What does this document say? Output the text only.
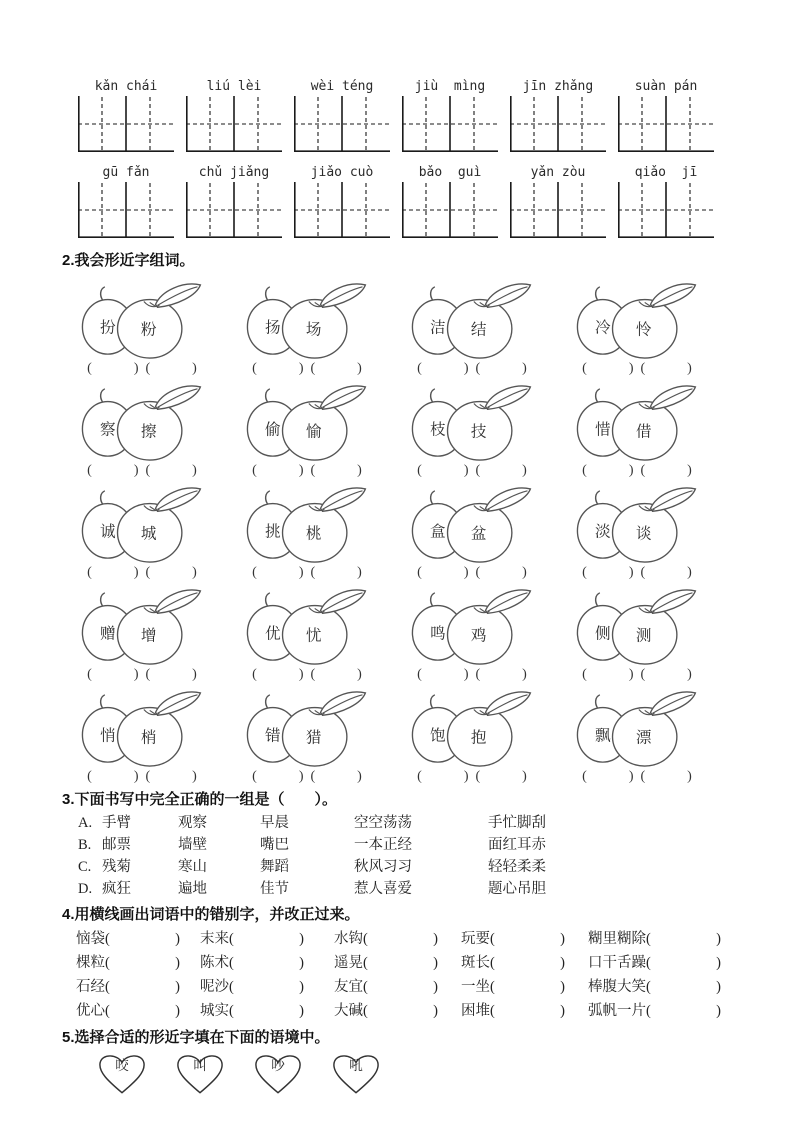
kǎn chái	liú lèi	wèi téng	jiù  mìng	jīn zhǎng	suàn pán
gū fǎn	chǔ jiǎng	jiǎo cuò	bǎo  guì	yǎn zòu	qiǎo  jī
2.我会形近字组词。
扮 粉
(            )  (            )
扬 场
(            )  (            )
洁 结
(            )  (            )
冷 怜
(            )  (            )
察 擦
(            )  (            )
偷 愉
(            )  (            )
枝 技
(            )  (            )
惜 借
(            )  (            )
诚 城
(            )  (            )
挑 桃
(            )  (            )
盒 盆
(            )  (            )
淡 谈
(            )  (            )
赠 增
(            )  (            )
优 忧
(            )  (            )
鸣 鸡
(            )  (            )
侧 测
(            )  (            )
悄 梢
(            )  (            )
错 猎
(            )  (            )
饱 抱
(            )  (            )
飘 漂
(            )  (            )
3.下面书写中完全正确的一组是（　　）。
A. 手臂	观察	早晨	空空荡荡	手忙脚刮
B. 邮票	墙壁	嘴巴	一本正经	面红耳赤
C. 残菊	寒山	舞蹈	秋风习习	轻轻柔柔
D. 疯狂	遍地	佳节	惹人喜爱	题心吊胆
4.用横线画出词语中的错别字，并改正过来。
恼袋 (                  ) 末来 (                  ) 水钩 (                  ) 玩要 (                  ) 糊里糊除 (                  )
棵粒 (                  ) 陈术 (                  ) 遥晃 (                  ) 斑长 (                  ) 口干舌躁 (                  )
石经 (                  ) 呢沙 (                  ) 友宜 (                  ) 一坐 (                  ) 棒腹大笑 (                  )
优心 (                  ) 城实 (                  ) 大碱 (                  ) 困堆 (                  ) 弧帆一片 (                  )
5.选择合适的形近字填在下面的语境中。
咬	叫	吵	吼
